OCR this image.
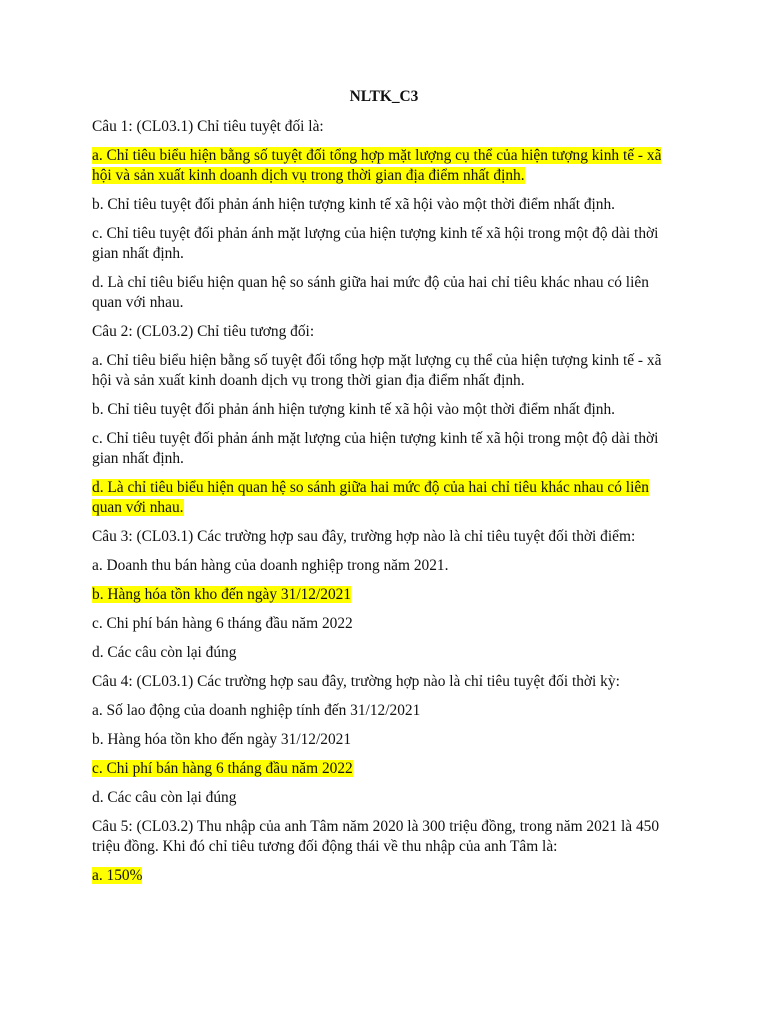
NLTK_C3

Câu 1: (CL03.1) Chỉ tiêu tuyệt đối là:

a. Chỉ tiêu biểu hiện bằng số tuyệt đối tổng hợp mặt lượng cụ thể của hiện tượng kinh tế - xã hội và sản xuất kinh doanh dịch vụ trong thời gian địa điểm nhất định.

b. Chỉ tiêu tuyệt đối phản ánh hiện tượng kinh tế xã hội vào một thời điểm nhất định.

c. Chỉ tiêu tuyệt đối phản ánh mặt lượng của hiện tượng kinh tế xã hội trong một độ dài thời gian nhất định.

d. Là chỉ tiêu biểu hiện quan hệ so sánh giữa hai mức độ của hai chỉ tiêu khác nhau có liên quan với nhau.

Câu 2: (CL03.2) Chỉ tiêu tương đối:

a. Chỉ tiêu biểu hiện bằng số tuyệt đối tổng hợp mặt lượng cụ thể của hiện tượng kinh tế - xã hội và sản xuất kinh doanh dịch vụ trong thời gian địa điểm nhất định.

b. Chỉ tiêu tuyệt đối phản ánh hiện tượng kinh tế xã hội vào một thời điểm nhất định.

c. Chỉ tiêu tuyệt đối phản ánh mặt lượng của hiện tượng kinh tế xã hội trong một độ dài thời gian nhất định.

d. Là chỉ tiêu biểu hiện quan hệ so sánh giữa hai mức độ của hai chỉ tiêu khác nhau có liên quan với nhau.

Câu 3: (CL03.1) Các trường hợp sau đây, trường hợp nào là chỉ tiêu tuyệt đối thời điểm:

a. Doanh thu bán hàng của doanh nghiệp trong năm 2021.

b. Hàng hóa tồn kho đến ngày 31/12/2021

c. Chi phí bán hàng 6 tháng đầu năm 2022

d. Các câu còn lại đúng

Câu 4: (CL03.1) Các trường hợp sau đây, trường hợp nào là chỉ tiêu tuyệt đối thời kỳ:

a. Số lao động của doanh nghiệp tính đến 31/12/2021

b. Hàng hóa tồn kho đến ngày 31/12/2021

c. Chi phí bán hàng 6 tháng đầu năm 2022

d. Các câu còn lại đúng

Câu 5: (CL03.2) Thu nhập của anh Tâm năm 2020 là 300 triệu đồng, trong năm 2021 là 450 triệu đồng. Khi đó chỉ tiêu tương đối động thái về thu nhập của anh Tâm là:

a. 150%
